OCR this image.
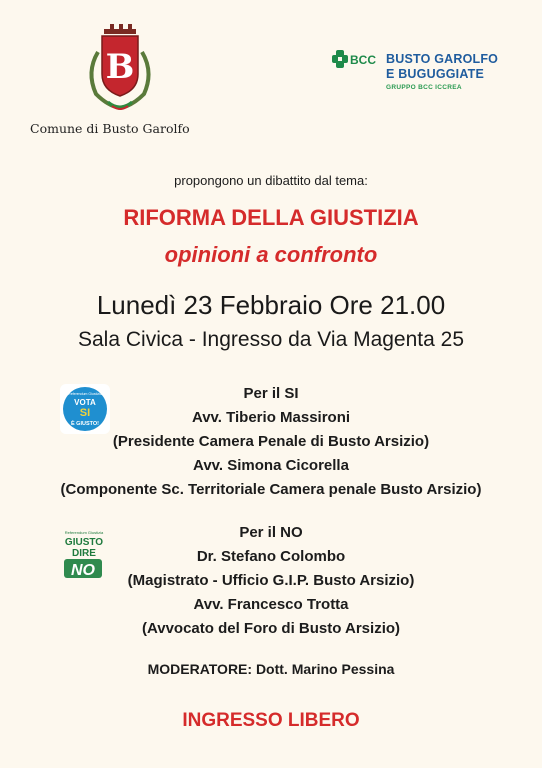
B
Comune di Busto Garolfo
BCC BUSTO GAROLFO
E BUGUGGIATE
GRUPPO BCC ICCREA
propongono un dibattito dal tema:
RIFORMA DELLA GIUSTIZIA
opinioni a confronto
Lunedì 23 Febbraio Ore 21.00
Sala Civica - Ingresso da Via Magenta 25
Referendum Giustizia
VOTA
SI
È GIUSTO!
Per il SI
Avv. Tiberio Massironi
(Presidente Camera Penale di Busto Arsizio)
Avv. Simona Cicorella
(Componente Sc. Territoriale Camera penale Busto Arsizio)
Referendum Giustizia
GIUSTO
DIRE
NO
Per il NO
Dr. Stefano Colombo
(Magistrato - Ufficio G.I.P. Busto Arsizio)
Avv. Francesco Trotta
(Avvocato del Foro di Busto Arsizio)
MODERATORE: Dott. Marino Pessina
INGRESSO LIBERO
